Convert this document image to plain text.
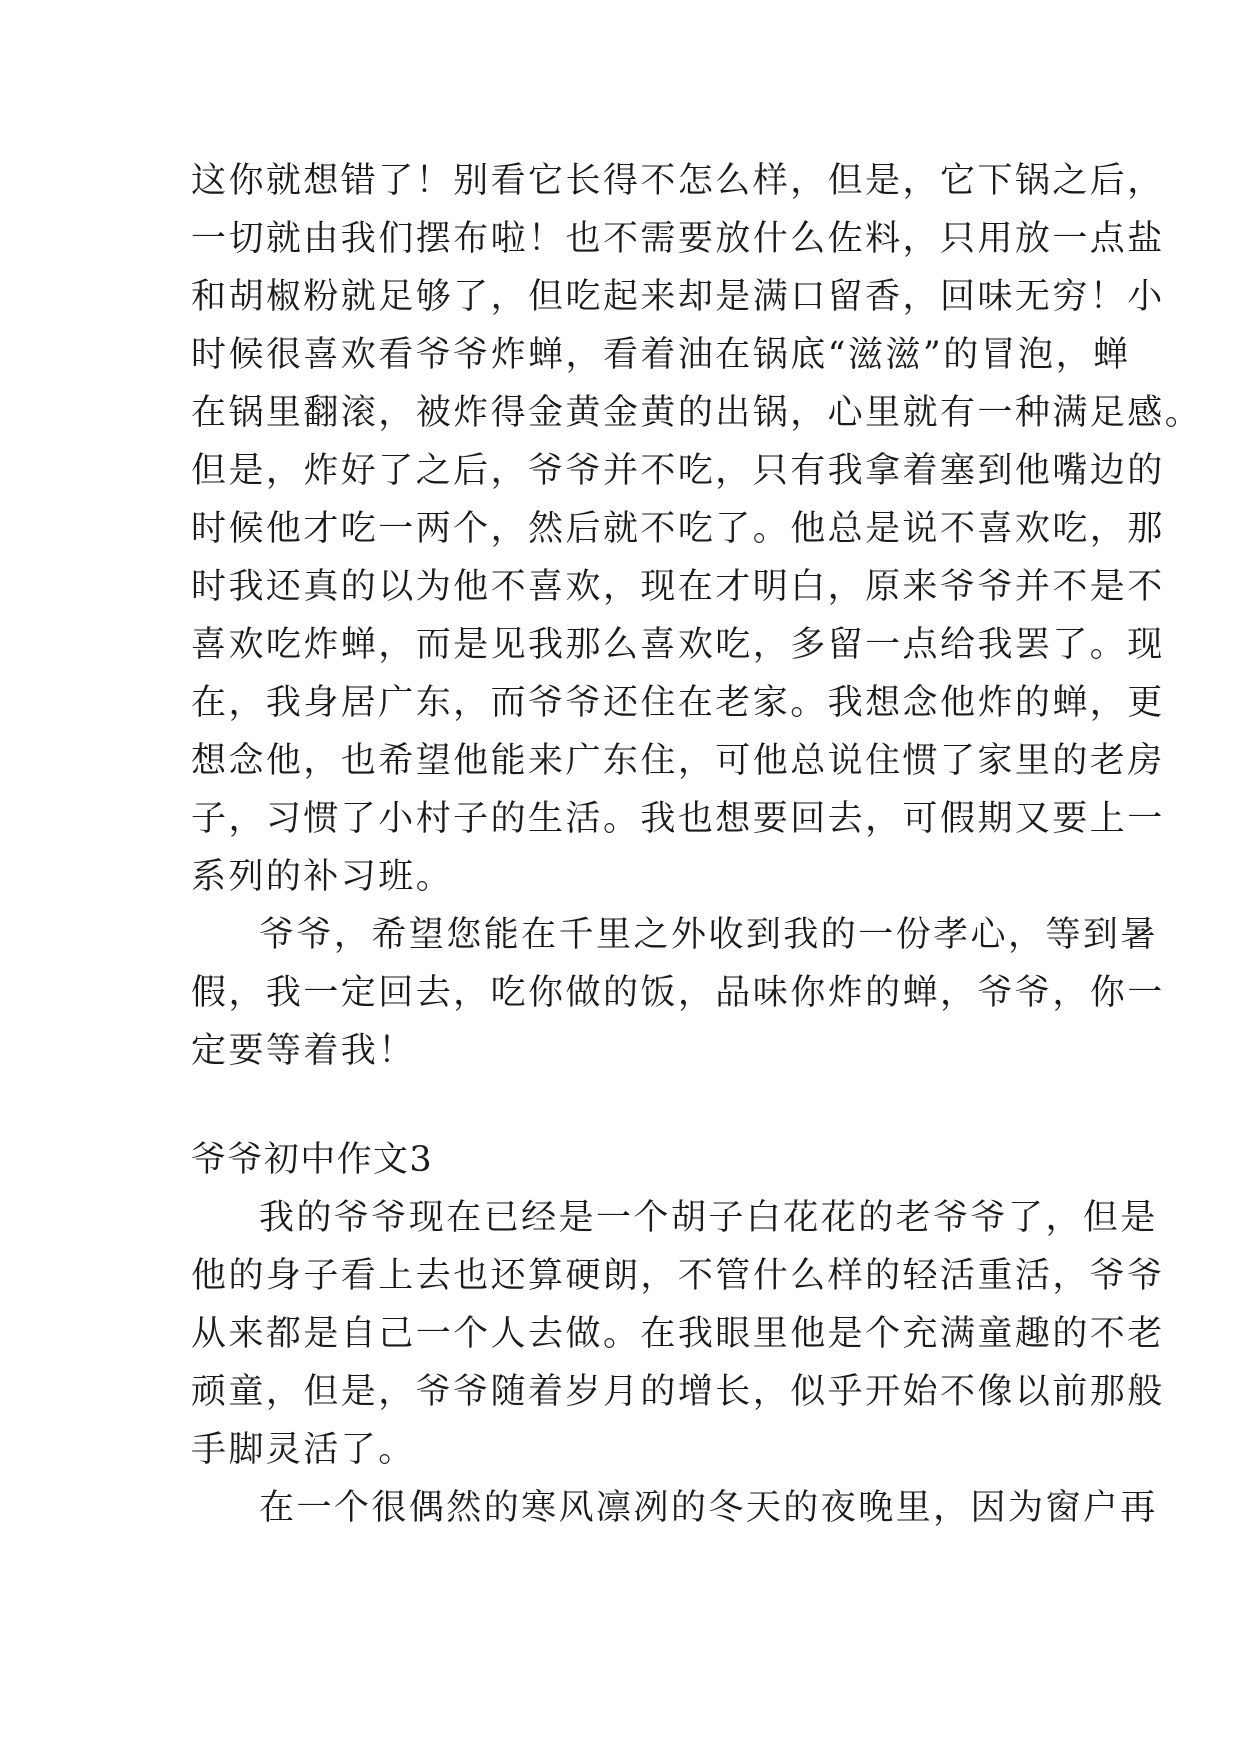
这你就想错了！别看它长得不怎么样，但是，它下锅之后，
一切就由我们摆布啦！也不需要放什么佐料，只用放一点盐
和胡椒粉就足够了，但吃起来却是满口留香，回味无穷！小
时候很喜欢看爷爷炸蝉，看着油在锅底“滋滋”的冒泡，蝉
在锅里翻滚，被炸得金黄金黄的出锅，心里就有一种满足感。
但是，炸好了之后，爷爷并不吃，只有我拿着塞到他嘴边的
时候他才吃一两个，然后就不吃了。他总是说不喜欢吃，那
时我还真的以为他不喜欢，现在才明白，原来爷爷并不是不
喜欢吃炸蝉，而是见我那么喜欢吃，多留一点给我罢了。现
在，我身居广东，而爷爷还住在老家。我想念他炸的蝉，更
想念他，也希望他能来广东住，可他总说住惯了家里的老房
子，习惯了小村子的生活。我也想要回去，可假期又要上一
系列的补习班。
爷爷，希望您能在千里之外收到我的一份孝心，等到暑
假，我一定回去，吃你做的饭，品味你炸的蝉，爷爷，你一
定要等着我！
爷爷初中作文3
我的爷爷现在已经是一个胡子白花花的老爷爷了，但是
他的身子看上去也还算硬朗，不管什么样的轻活重活，爷爷
从来都是自己一个人去做。在我眼里他是个充满童趣的不老
顽童，但是，爷爷随着岁月的增长，似乎开始不像以前那般
手脚灵活了。
在一个很偶然的寒风凛冽的冬天的夜晚里，因为窗户再
